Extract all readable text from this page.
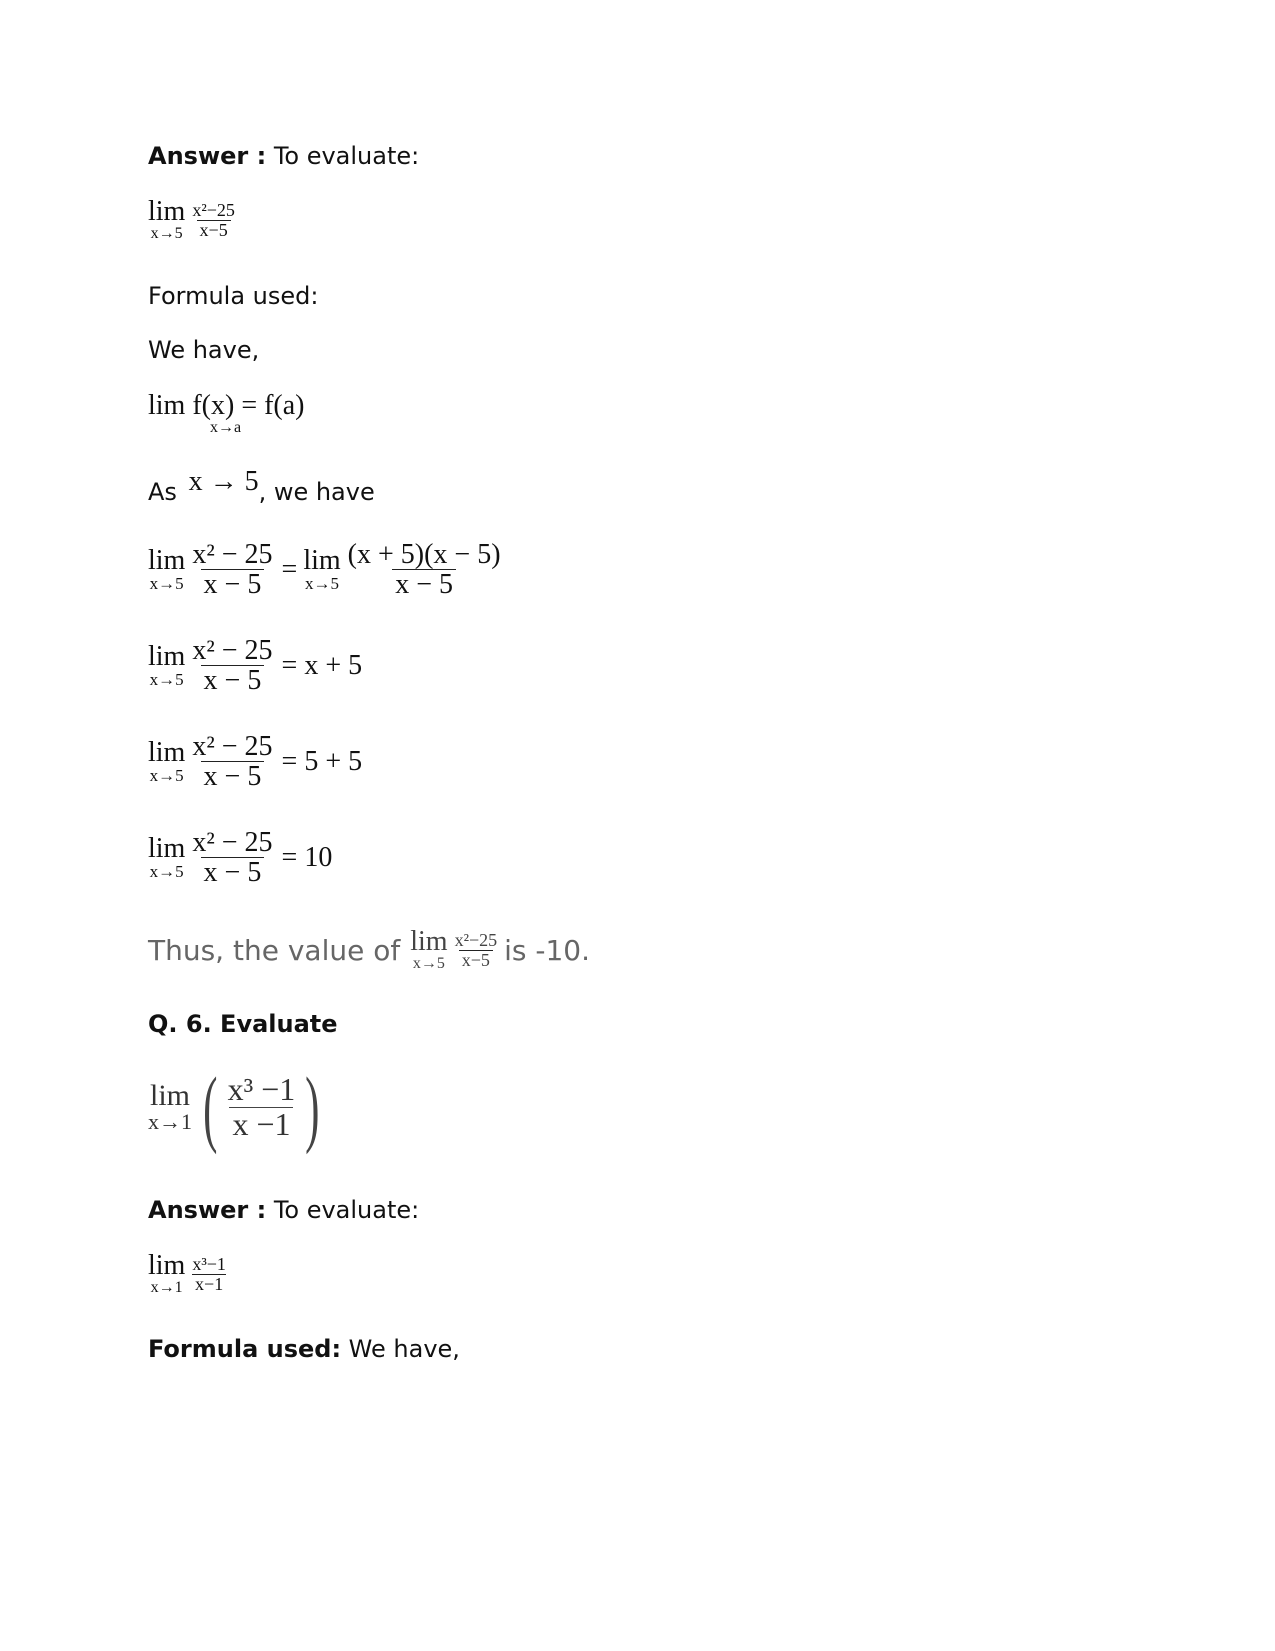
Answer : To evaluate:
lim
$x\to 5 \frac{\text{x²−25}}{x-5}$
Formula used:
We have,
lim f(x) = f(a)
x→a
As x → 5, we have
lim
$x\to 5 \frac{\text{x² − 25}}{x - 5} = \lim$
$x\to 5 \frac{(x + 5)(x - 5)}{x - 5}$
lim
$x\to 5 \frac{\text{x² − 25}}{x - 5} = x + 5$
lim
$x\to 5 \frac{\text{x² − 25}}{x - 5} = 5 + 5$
lim
$x\to 5 \frac{\text{x² − 25}}{x - 5} = 10$
Thus, the value of lim
$x\to 5 \frac{\text{x²−25}}{x-5}$ is -10.
Q. 6. Evaluate
lim
x→1 ( $\frac{\text{x³ −1}}{x -1}$ )
Answer : To evaluate:
lim
$x\to 1 \frac{\text{x³−1}}{x-1}$
Formula used: We have,
